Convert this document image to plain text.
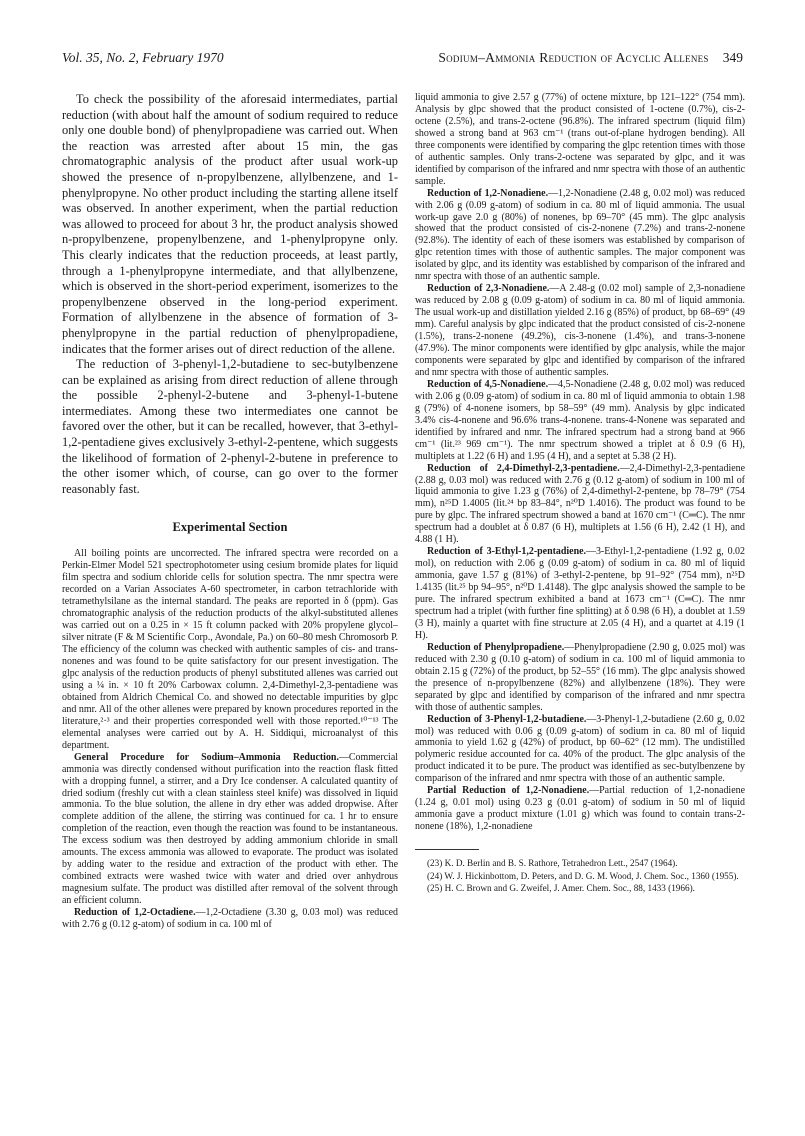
Vol. 35, No. 2, February 1970	Sodium–Ammonia Reduction of Acyclic Allenes 349

To check the possibility of the aforesaid intermediates, partial reduction (with about half the amount of sodium required to reduce only one double bond) of phenylpropadiene was carried out. When the reaction was arrested after about 15 min, the gas chromatographic analysis of the product after usual work-up showed the presence of n-propylbenzene, allylbenzene, and 1-phenylpropyne. No other product including the starting allene itself was observed. In another experiment, when the partial reduction was allowed to proceed for about 3 hr, the product analysis showed n-propylbenzene, propenylbenzene, and 1-phenylpropyne only. This clearly indicates that the reduction proceeds, at least partly, through a 1-phenylpropyne intermediate, and that allylbenzene, which is observed in the short-period experiment, isomerizes to the propenylbenzene observed in the long-period experiment. Formation of allylbenzene in the absence of formation of 3-phenylpropyne in the partial reduction of phenylpropadiene, indicates that the former arises out of direct reduction of the allene.

The reduction of 3-phenyl-1,2-butadiene to sec-butylbenzene can be explained as arising from direct reduction of allene through the possible 2-phenyl-2-butene and 3-phenyl-1-butene intermediates. Among these two intermediates one cannot be favored over the other, but it can be recalled, however, that 3-ethyl-1,2-pentadiene gives exclusively 3-ethyl-2-pentene, which suggests the likelihood of formation of 2-phenyl-2-butene in preference to the other isomer which, of course, can go over to the former reasonably fast.

Experimental Section

All boiling points are uncorrected. The infrared spectra were recorded on a Perkin-Elmer Model 521 spectrophotometer using cesium bromide plates for liquid film spectra and sodium chloride cells for solution spectra. The nmr spectra were recorded on a Varian Associates A-60 spectrometer, in carbon tetrachloride with tetramethylsilane as the internal standard. The peaks are reported in δ (ppm). Gas chromatographic analysis of the reduction products of the alkyl-substituted allenes was carried out on a 0.25 in × 15 ft column packed with 20% propylene glycol–silver nitrate (F & M Scientific Corp., Avondale, Pa.) on 60–80 mesh Chromosorb P. The efficiency of the column was checked with authentic samples of cis- and trans-nonenes and was found to be quite satisfactory for our present investigation. The glpc analysis of the reduction products of phenyl substituted allenes was carried out using a ¼ in. × 10 ft 20% Carbowax column. 2,4-Dimethyl-2,3-pentadiene was obtained from Aldrich Chemical Co. and showed no detectable impurities by glpc and nmr. All of the other allenes were prepared by known procedures reported in the literature,²·³ and their properties corresponded well with those reported.¹⁰⁻¹³ The elemental analyses were carried out by A. H. Siddiqui, microanalyst of this department.

General Procedure for Sodium–Ammonia Reduction.—Commercial ammonia was directly condensed without purification into the reaction flask fitted with a dropping funnel, a stirrer, and a Dry Ice condenser. A calculated quantity of dried sodium (freshly cut with a clean stainless steel knife) was dissolved in liquid ammonia. To the blue solution, the allene in dry ether was added dropwise. After complete addition of the allene, the stirring was continued for ca. 1 hr to ensure completion of the reaction, even though the reaction was found to be instantaneous. The excess sodium was then destroyed by adding ammonium chloride in small amounts. The excess ammonia was allowed to evaporate. The product was isolated by adding water to the residue and extraction of the product with ether. The combined extracts were washed twice with water and dried over anhydrous magnesium sulfate. The product was distilled after removal of the solvent through an efficient column.

Reduction of 1,2-Octadiene.—1,2-Octadiene (3.30 g, 0.03 mol) was reduced with 2.76 g (0.12 g-atom) of sodium in ca. 100 ml of

liquid ammonia to give 2.57 g (77%) of octene mixture, bp 121–122° (754 mm). Analysis by glpc showed that the product consisted of 1-octene (0.7%), cis-2-octene (2.5%), and trans-2-octene (96.8%). The infrared spectrum (liquid film) showed a strong band at 963 cm⁻¹ (trans out-of-plane hydrogen bending). All three components were identified by comparing the glpc retention times with those of authentic samples. Only trans-2-octene was separated by glpc, and it was identified by comparison of the infrared and nmr spectra with those of an authentic sample.

Reduction of 1,2-Nonadiene.—1,2-Nonadiene (2.48 g, 0.02 mol) was reduced with 2.06 g (0.09 g-atom) of sodium in ca. 80 ml of liquid ammonia. The usual work-up gave 2.0 g (80%) of nonenes, bp 69–70° (45 mm). The glpc analysis showed that the product consisted of cis-2-nonene (7.2%) and trans-2-nonene (92.8%). The identity of each of these isomers was established by comparison of glpc retention times with those of authentic samples. The major component was isolated by glpc, and its identity was established by comparison of the infrared and nmr spectra with those of an authentic sample.

Reduction of 2,3-Nonadiene.—A 2.48-g (0.02 mol) sample of 2,3-nonadiene was reduced by 2.08 g (0.09 g-atom) of sodium in ca. 80 ml of liquid ammonia. The usual work-up and distillation yielded 2.16 g (85%) of product, bp 68–69° (49 mm). Careful analysis by glpc indicated that the product consisted of cis-2-nonene (1.5%), trans-2-nonene (49.2%), cis-3-nonene (1.4%), and trans-3-nonene (47.9%). The minor components were identified by glpc analysis, while the major components were separated by glpc and identified by comparison of the infrared and nmr spectra with those of authentic samples.

Reduction of 4,5-Nonadiene.—4,5-Nonadiene (2.48 g, 0.02 mol) was reduced with 2.06 g (0.09 g-atom) of sodium in ca. 80 ml of liquid ammonia to obtain 1.98 g (79%) of 4-nonene isomers, bp 58–59° (49 mm). Analysis by glpc indicated 3.4% cis-4-nonene and 96.6% trans-4-nonene. trans-4-Nonene was separated and identified by infrared and nmr. The infrared spectrum had a strong band at 966 cm⁻¹ (lit.²³ 969 cm⁻¹). The nmr spectrum showed a triplet at δ 0.9 (6 H), multiplets at 1.22 (6 H) and 1.95 (4 H), and a septet at 5.38 (2 H).

Reduction of 2,4-Dimethyl-2,3-pentadiene.—2,4-Dimethyl-2,3-pentadiene (2.88 g, 0.03 mol) was reduced with 2.76 g (0.12 g-atom) of sodium in 100 ml of liquid ammonia to give 1.23 g (76%) of 2,4-dimethyl-2-pentene, bp 78–79° (754 mm), n²⁵D 1.4005 (lit.²⁴ bp 83–84°, n²⁰D 1.4016). The product was found to be pure by glpc. The infrared spectrum showed a band at 1670 cm⁻¹ (C═C). The nmr spectrum had a doublet at δ 0.87 (6 H), multiplets at 1.56 (6 H), 2.42 (1 H), and 4.88 (1 H).

Reduction of 3-Ethyl-1,2-pentadiene.—3-Ethyl-1,2-pentadiene (1.92 g, 0.02 mol), on reduction with 2.06 g (0.09 g-atom) of sodium in ca. 80 ml of liquid ammonia, gave 1.57 g (81%) of 3-ethyl-2-pentene, bp 91–92° (754 mm), n²⁵D 1.4135 (lit.²⁵ bp 94–95°, n²⁰D 1.4148). The glpc analysis showed the sample to be pure. The infrared spectrum exhibited a band at 1673 cm⁻¹ (C═C). The nmr spectrum had a triplet (with further fine splitting) at δ 0.98 (6 H), a doublet at 1.59 (3 H), mainly a quartet with fine structure at 2.05 (4 H), and a quartet at 4.19 (1 H).

Reduction of Phenylpropadiene.—Phenylpropadiene (2.90 g, 0.025 mol) was reduced with 2.30 g (0.10 g-atom) of sodium in ca. 100 ml of liquid ammonia to obtain 2.15 g (72%) of the product, bp 52–55° (16 mm). The glpc analysis showed the presence of n-propylbenzene (82%) and allylbenzene (18%). They were separated by glpc and identified by comparison of the infrared and nmr spectra with those of authentic samples.

Reduction of 3-Phenyl-1,2-butadiene.—3-Phenyl-1,2-butadiene (2.60 g, 0.02 mol) was reduced with 0.06 g (0.09 g-atom) of sodium in ca. 80 ml of liquid ammonia to yield 1.62 g (42%) of product, bp 60–62° (12 mm). The undistilled polymeric residue accounted for ca. 40% of the product. The glpc analysis of the product indicated it to be pure. The product was identified as sec-butylbenzene by comparison of the infrared and nmr spectra with those of an authentic sample.

Partial Reduction of 1,2-Nonadiene.—Partial reduction of 1,2-nonadiene (1.24 g, 0.01 mol) using 0.23 g (0.01 g-atom) of sodium in 50 ml of liquid ammonia gave a product mixture (1.01 g) which was found to contain trans-2-nonene (18%), 1,2-nonadiene

(23) K. D. Berlin and B. S. Rathore, Tetrahedron Lett., 2547 (1964).

(24) W. J. Hickinbottom, D. Peters, and D. G. M. Wood, J. Chem. Soc., 1360 (1955).

(25) H. C. Brown and G. Zweifel, J. Amer. Chem. Soc., 88, 1433 (1966).
